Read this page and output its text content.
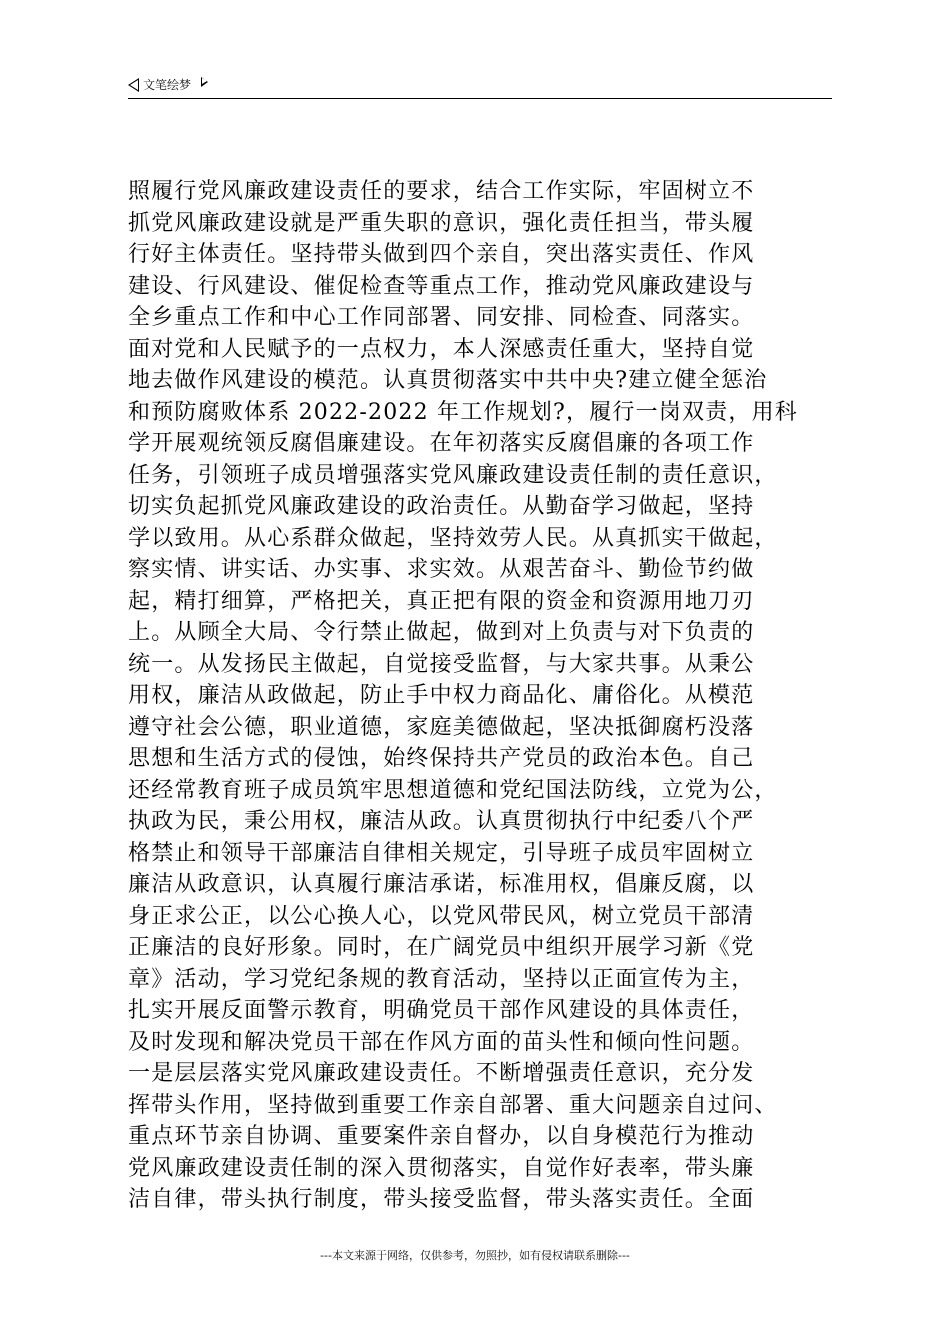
文笔绘梦
照履行党风廉政建设责任的要求，结合工作实际，牢固树立不
抓党风廉政建设就是严重失职的意识，强化责任担当，带头履
行好主体责任。坚持带头做到四个亲自，突出落实责任、作风
建设、行风建设、催促检查等重点工作，推动党风廉政建设与
全乡重点工作和中心工作同部署、同安排、同检查、同落实。
面对党和人民赋予的一点权力，本人深感责任重大，坚持自觉
地去做作风建设的模范。认真贯彻落实中共中央?建立健全惩治
和预防腐败体系 2022-2022 年工作规划?，履行一岗双责，用科
学开展观统领反腐倡廉建设。在年初落实反腐倡廉的各项工作
任务，引领班子成员增强落实党风廉政建设责任制的责任意识，
切实负起抓党风廉政建设的政治责任。从勤奋学习做起，坚持
学以致用。从心系群众做起，坚持效劳人民。从真抓实干做起，
察实情、讲实话、办实事、求实效。从艰苦奋斗、勤俭节约做
起，精打细算，严格把关，真正把有限的资金和资源用地刀刃
上。从顾全大局、令行禁止做起，做到对上负责与对下负责的
统一。从发扬民主做起，自觉接受监督，与大家共事。从秉公
用权，廉洁从政做起，防止手中权力商品化、庸俗化。从模范
遵守社会公德，职业道德，家庭美德做起，坚决抵御腐朽没落
思想和生活方式的侵蚀，始终保持共产党员的政治本色。自己
还经常教育班子成员筑牢思想道德和党纪国法防线，立党为公，
执政为民，秉公用权，廉洁从政。认真贯彻执行中纪委八个严
格禁止和领导干部廉洁自律相关规定，引导班子成员牢固树立
廉洁从政意识，认真履行廉洁承诺，标准用权，倡廉反腐，以
身正求公正，以公心换人心，以党风带民风，树立党员干部清
正廉洁的良好形象。同时，在广阔党员中组织开展学习新《党
章》活动，学习党纪条规的教育活动，坚持以正面宣传为主，
扎实开展反面警示教育，明确党员干部作风建设的具体责任，
及时发现和解决党员干部在作风方面的苗头性和倾向性问题。
一是层层落实党风廉政建设责任。不断增强责任意识，充分发
挥带头作用，坚持做到重要工作亲自部署、重大问题亲自过问、
重点环节亲自协调、重要案件亲自督办，以自身模范行为推动
党风廉政建设责任制的深入贯彻落实，自觉作好表率，带头廉
洁自律，带头执行制度，带头接受监督，带头落实责任。全面
---本文来源于网络，仅供参考，勿照抄，如有侵权请联系删除---
